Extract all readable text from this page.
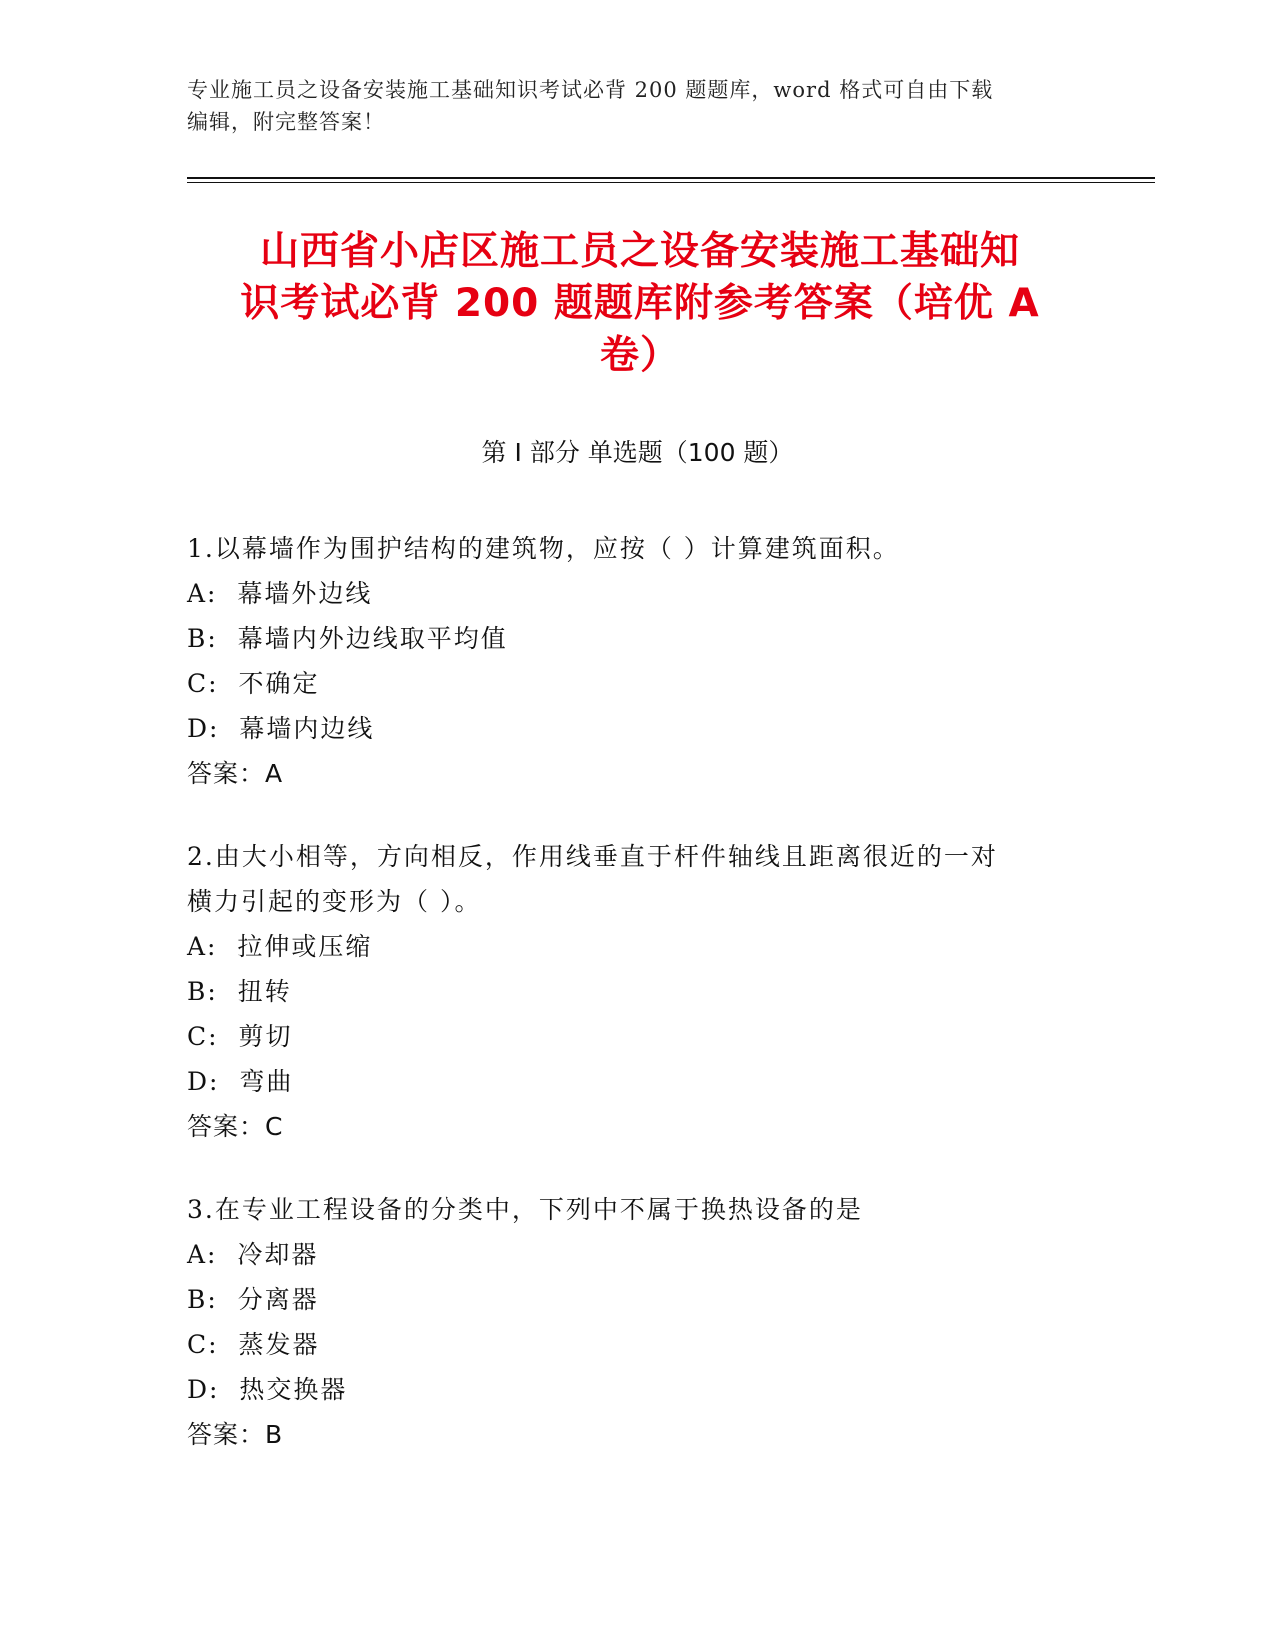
专业施工员之设备安装施工基础知识考试必背 200 题题库，word 格式可自由下载
编辑，附完整答案！
山西省小店区施工员之设备安装施工基础知
识考试必背 200 题题库附参考答案（培优 A
卷）
第 I 部分 单选题（100 题）
1.以幕墙作为围护结构的建筑物，应按（ ）计算建筑面积。
A:  幕墙外边线
B:  幕墙内外边线取平均值
C:  不确定
D:  幕墙内边线
答案：A
2.由大小相等，方向相反，作用线垂直于杆件轴线且距离很近的一对
横力引起的变形为（ ）。
A:  拉伸或压缩
B:  扭转
C:  剪切
D:  弯曲
答案：C
3.在专业工程设备的分类中，下列中不属于换热设备的是
A:  冷却器
B:  分离器
C:  蒸发器
D:  热交换器
答案：B
